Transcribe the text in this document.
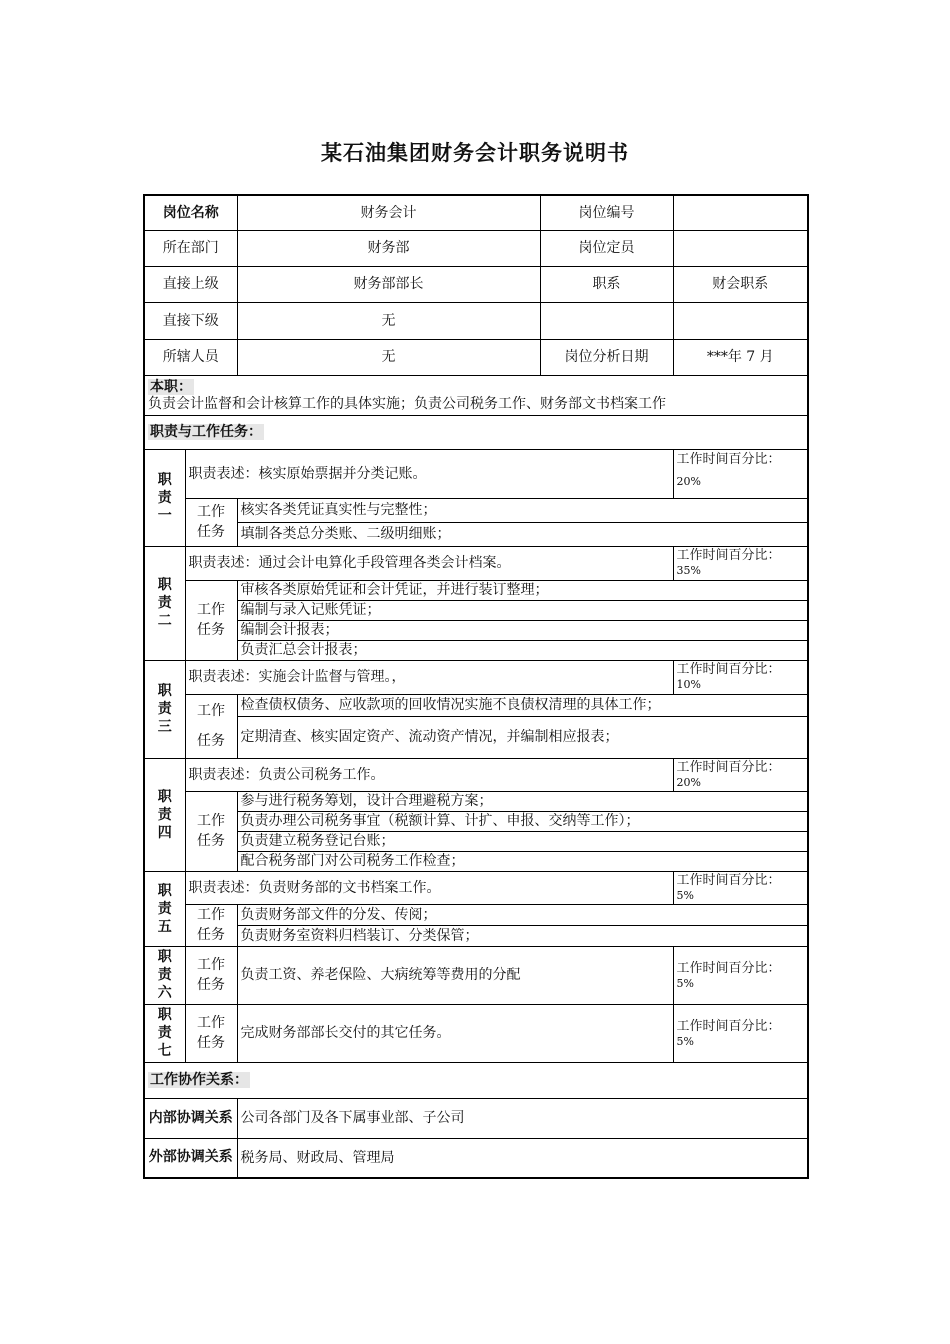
某石油集团财务会计职务说明书
岗位名称		财务会计	岗位编号	
所在部门		财务部	岗位定员	
直接上级		财务部部长	职系	财会职系
直接下级		无		
所辖人员		无	岗位分析日期	***年 7 月
本职：
负责会计监督和会计核算工作的具体实施；负责公司税务工作、财务部文书档案工作				

职责与工作任务：				
职责一	职责表述：核实原始票据并分类记账。			工作时间百分比：
20%

	工作任务	核实各类凭证真实性与完整性；		
		填制各类总分类账、二级明细账；		
职责二	职责表述：通过会计电算化手段管理各类会计档案。			工作时间百分比：
35%

	工作任务	审核各类原始凭证和会计凭证，并进行装订整理；		
		编制与录入记账凭证；		
		编制会计报表；		
		负责汇总会计报表；		
职责三	职责表述：实施会计监督与管理。，			工作时间百分比：
10%

	工作任务	检查债权债务、应收款项的回收情况实施不良债权清理的具体工作；		
		定期清查、核实固定资产、流动资产情况，并编制相应报表；		
职责四	职责表述：负责公司税务工作。			工作时间百分比：
20%

	工作任务	参与进行税务筹划，设计合理避税方案；		
		负责办理公司税务事宜（税额计算、计扩、申报、交纳等工作）；		
		负责建立税务登记台账；		
		配合税务部门对公司税务工作检查；		
职责五	职责表述：负责财务部的文书档案工作。			工作时间百分比：
5%

	工作任务	负责财务部文件的分发、传阅；		
		负责财务室资料归档装订、分类保管；		
职责六	工作任务	负责工资、养老保险、大病统筹等费用的分配		工作时间百分比：
5%

职责七	工作任务	完成财务部部长交付的其它任务。		工作时间百分比：
5%

工作协作关系：				
内部协调关系		公司各部门及各下属事业部、子公司		
外部协调关系		税务局、财政局、管理局		
